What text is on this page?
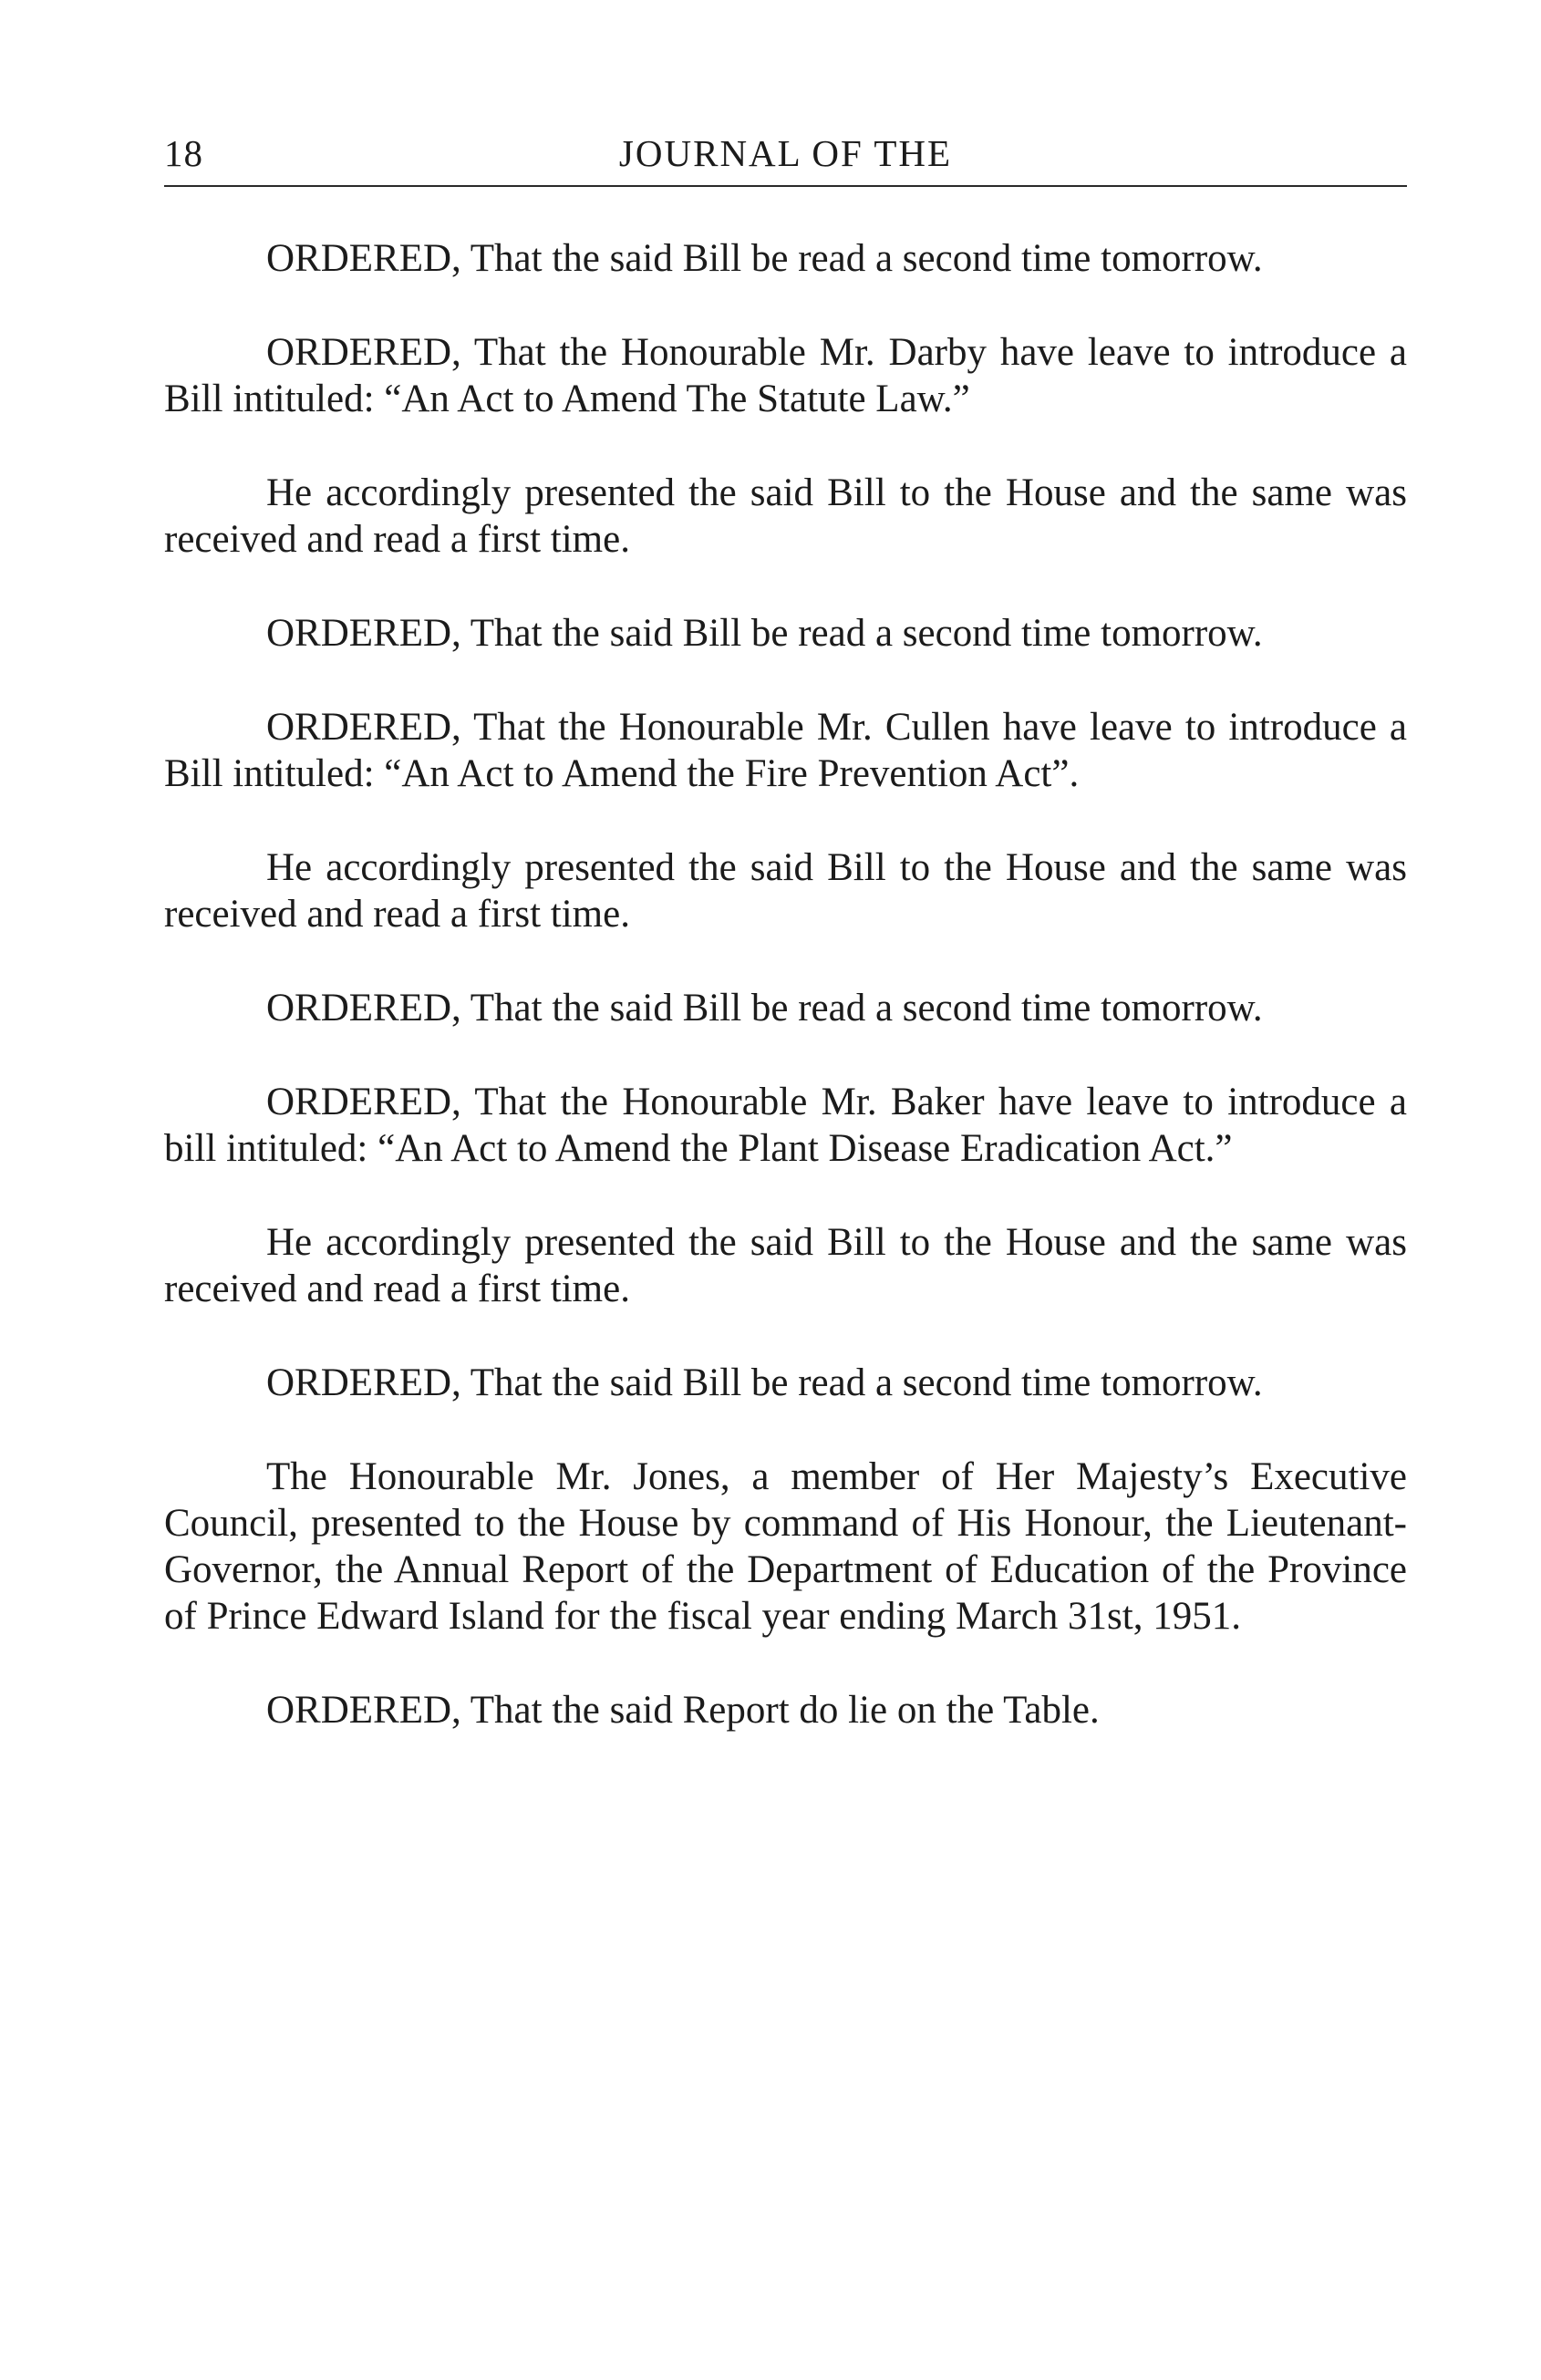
18	JOURNAL OF THE

ORDERED, That the said Bill be read a second time tomorrow.

ORDERED, That the Honourable Mr. Darby have leave to introduce a Bill intituled: “An Act to Amend The Statute Law.”

He accordingly presented the said Bill to the House and the same was received and read a first time.

ORDERED, That the said Bill be read a second time tomorrow.

ORDERED, That the Honourable Mr. Cullen have leave to introduce a Bill intituled: “An Act to Amend the Fire Prevention Act”.

He accordingly presented the said Bill to the House and the same was received and read a first time.

ORDERED, That the said Bill be read a second time tomorrow.

ORDERED, That the Honourable Mr. Baker have leave to introduce a bill intituled: “An Act to Amend the Plant Disease Eradication Act.”

He accordingly presented the said Bill to the House and the same was received and read a first time.

ORDERED, That the said Bill be read a second time tomorrow.

The Honourable Mr. Jones, a member of Her Majesty’s Executive Council, presented to the House by command of His Honour, the Lieutenant-Governor, the Annual Report of the Department of Education of the Province of Prince Edward Island for the fiscal year ending March 31st, 1951.

ORDERED, That the said Report do lie on the Table.
